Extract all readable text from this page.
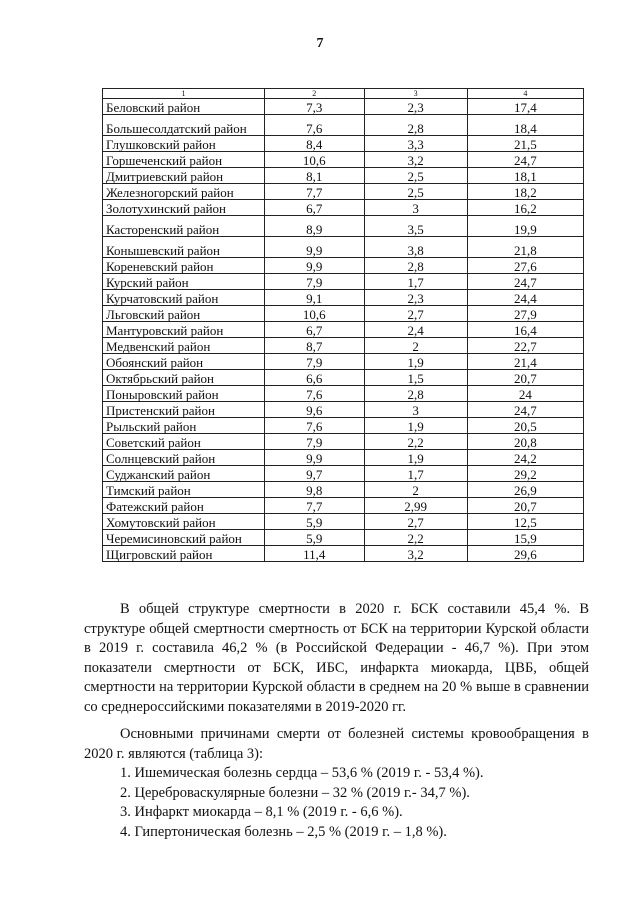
7
1	2	3	4
Беловский район	7,3	2,3	17,4
Большесолдатский район	7,6	2,8	18,4
Глушковский район	8,4	3,3	21,5
Горшеченский район	10,6	3,2	24,7
Дмитриевский район	8,1	2,5	18,1
Железногорский район	7,7	2,5	18,2
Золотухинский район	6,7	3	16,2
Касторенский район	8,9	3,5	19,9
Конышевский район	9,9	3,8	21,8
Кореневский район	9,9	2,8	27,6
Курский район	7,9	1,7	24,7
Курчатовский район	9,1	2,3	24,4
Льговский район	10,6	2,7	27,9
Мантуровский район	6,7	2,4	16,4
Медвенский район	8,7	2	22,7
Обоянский район	7,9	1,9	21,4
Октябрьский район	6,6	1,5	20,7
Поныровский район	7,6	2,8	24
Пристенский район	9,6	3	24,7
Рыльский район	7,6	1,9	20,5
Советский район	7,9	2,2	20,8
Солнцевский район	9,9	1,9	24,2
Суджанский район	9,7	1,7	29,2
Тимский район	9,8	2	26,9
Фатежский район	7,7	2,99	20,7
Хомутовский район	5,9	2,7	12,5
Черемисиновский район	5,9	2,2	15,9
Щигровский район	11,4	3,2	29,6

В общей структуре смертности в 2020 г. БСК составили 45,4 %. В структуре общей смертности смертность от БСК на территории Курской области в 2019 г. составила 46,2 % (в Российской Федерации - 46,7 %). При этом показатели смертности от БСК, ИБС, инфаркта миокарда, ЦВБ, общей смертности на территории Курской области в среднем на 20 % выше в сравнении со среднероссийскими показателями в 2019-2020 гг.

Основными причинами смерти от болезней системы кровообращения в 2020 г. являются (таблица 3):

1. Ишемическая болезнь сердца – 53,6 % (2019 г. - 53,4 %).
2. Цереброваскулярные болезни – 32 % (2019 г.- 34,7 %).
3. Инфаркт миокарда – 8,1 % (2019 г. - 6,6 %).
4. Гипертоническая болезнь – 2,5 % (2019 г. – 1,8 %).
